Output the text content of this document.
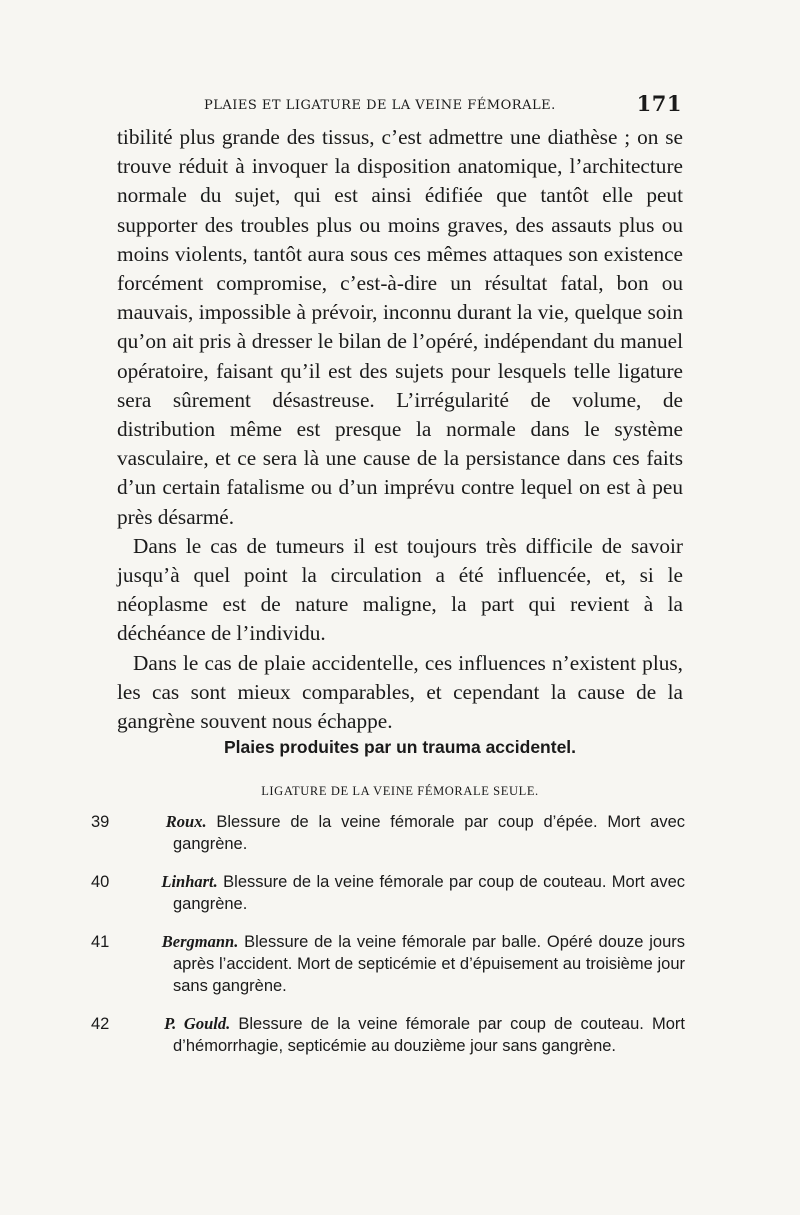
PLAIES ET LIGATURE DE LA VEINE FÉMORALE.	171

tibilité plus grande des tissus, c’est admettre une diathèse ; on se trouve réduit à invoquer la disposition anatomique, l’architecture normale du sujet, qui est ainsi édifiée que tantôt elle peut supporter des troubles plus ou moins graves, des assauts plus ou moins violents, tantôt aura sous ces mêmes attaques son existence forcément compromise, c’est-à-dire un résultat fatal, bon ou mauvais, impossible à prévoir, inconnu durant la vie, quelque soin qu’on ait pris à dresser le bilan de l’opéré, indépendant du manuel opératoire, faisant qu’il est des sujets pour lesquels telle ligature sera sûrement désastreuse. L’irrégularité de volume, de distribution même est presque la normale dans le système vasculaire, et ce sera là une cause de la persistance dans ces faits d’un certain fatalisme ou d’un imprévu contre lequel on est à peu près désarmé.

Dans le cas de tumeurs il est toujours très difficile de savoir jusqu’à quel point la circulation a été influencée, et, si le néoplasme est de nature maligne, la part qui revient à la déchéance de l’individu.

Dans le cas de plaie accidentelle, ces influences n’existent plus, les cas sont mieux comparables, et cependant la cause de la gangrène souvent nous échappe.

Plaies produites par un trauma accidentel.
LIGATURE DE LA VEINE FÉMORALE SEULE.
39	Roux. Blessure de la veine fémorale par coup d’épée. Mort avec gangrène.
40	Linhart. Blessure de la veine fémorale par coup de couteau. Mort avec gangrène.
41	Bergmann. Blessure de la veine fémorale par balle. Opéré douze jours après l’accident. Mort de septicémie et d’épuisement au troisième jour sans gangrène.
42	P. Gould. Blessure de la veine fémorale par coup de couteau. Mort d’hémorrhagie, septicémie au douzième jour sans gangrène.
